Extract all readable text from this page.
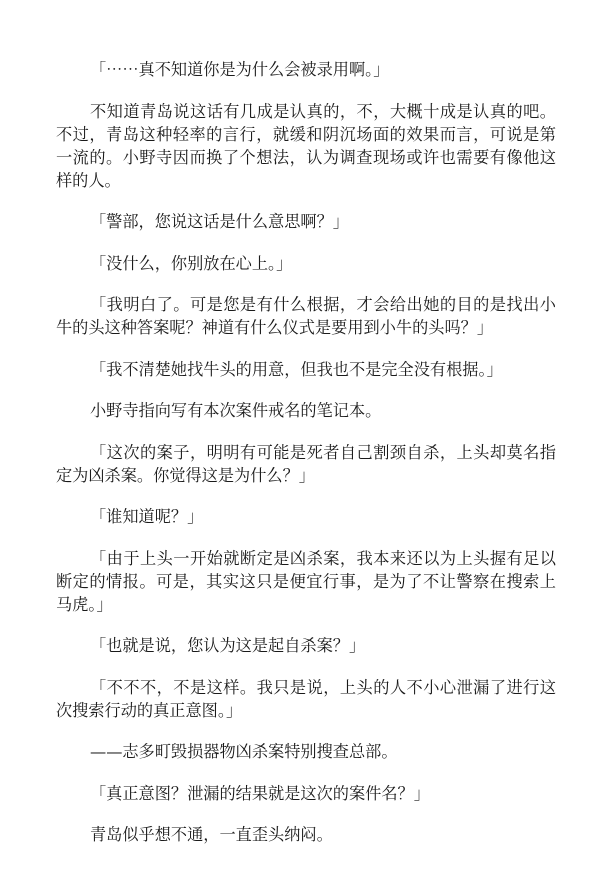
「⋯⋯真不知道你是为什么会被录用啊。」

不知道青岛说这话有几成是认真的，不，大概十成是认真的吧。不过，青岛这种轻率的言行，就缓和阴沉场面的效果而言，可说是第一流的。小野寺因而换了个想法，认为调查现场或许也需要有像他这样的人。

「警部，您说这话是什么意思啊？」

「没什么，你别放在心上。」

「我明白了。可是您是有什么根据，才会给出她的目的是找出小牛的头这种答案呢？神道有什么仪式是要用到小牛的头吗？」

「我不清楚她找牛头的用意，但我也不是完全没有根据。」

小野寺指向写有本次案件戒名的笔记本。

「这次的案子，明明有可能是死者自己割颈自杀，上头却莫名指定为凶杀案。你觉得这是为什么？」

「谁知道呢？」

「由于上头一开始就断定是凶杀案，我本来还以为上头握有足以断定的情报。可是，其实这只是便宜行事，是为了不让警察在搜索上马虎。」

「也就是说，您认为这是起自杀案？」

「不不不，不是这样。我只是说，上头的人不小心泄漏了进行这次搜索行动的真正意图。」

——志多町毁损器物凶杀案特别搜查总部。

「真正意图？泄漏的结果就是这次的案件名？」

青岛似乎想不通，一直歪头纳闷。
